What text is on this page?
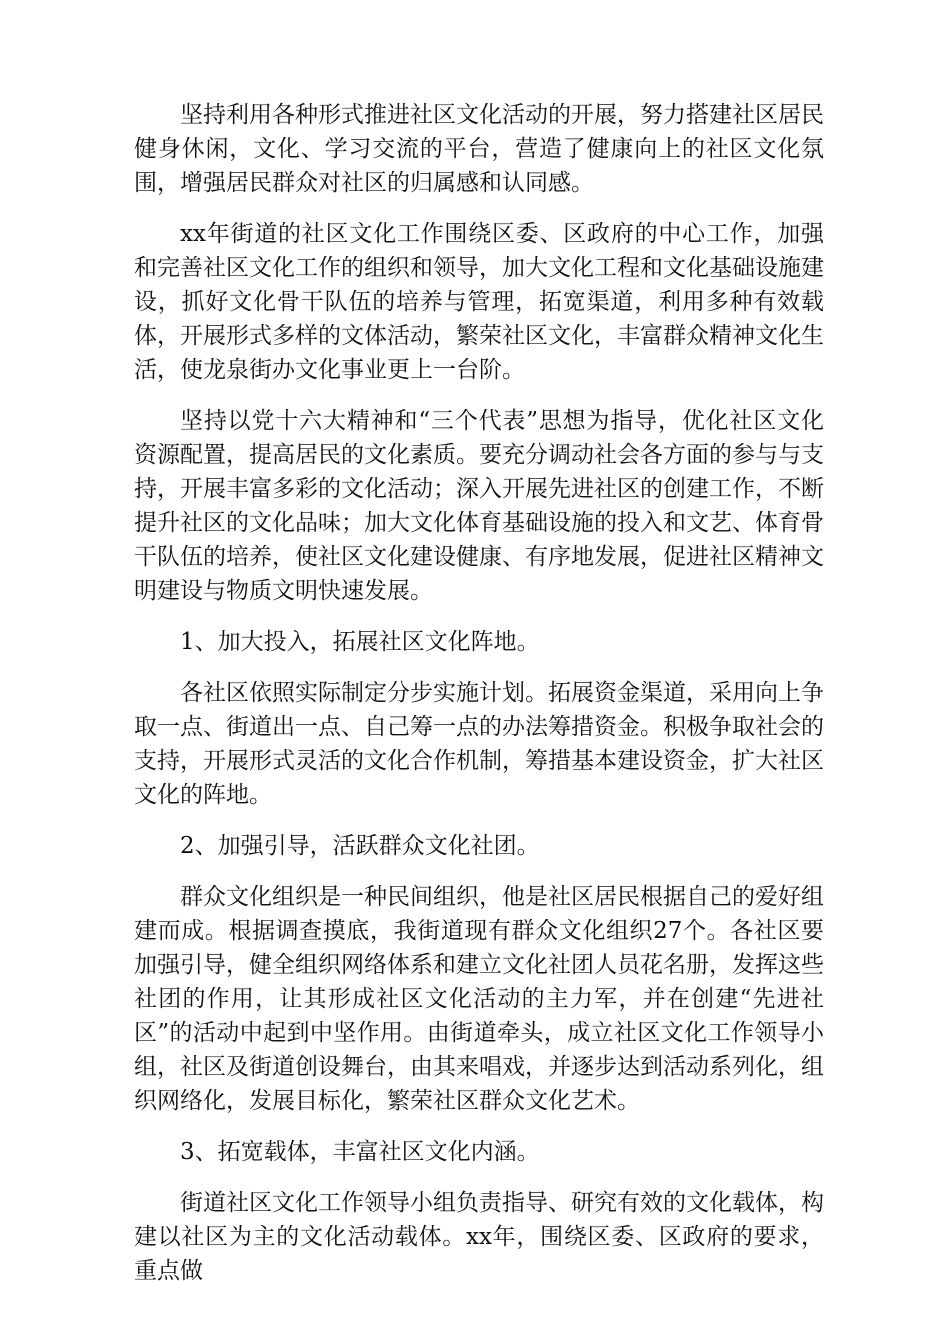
坚持利用各种形式推进社区文化活动的开展，努力搭建社区居民健身休闲，文化、学习交流的平台，营造了健康向上的社区文化氛围，增强居民群众对社区的归属感和认同感。

xx年街道的社区文化工作围绕区委、区政府的中心工作，加强和完善社区文化工作的组织和领导，加大文化工程和文化基础设施建设，抓好文化骨干队伍的培养与管理，拓宽渠道，利用多种有效载体，开展形式多样的文体活动，繁荣社区文化，丰富群众精神文化生活，使龙泉街办文化事业更上一台阶。

坚持以党十六大精神和“三个代表”思想为指导，优化社区文化资源配置，提高居民的文化素质。要充分调动社会各方面的参与与支持，开展丰富多彩的文化活动；深入开展先进社区的创建工作，不断提升社区的文化品味；加大文化体育基础设施的投入和文艺、体育骨干队伍的培养，使社区文化建设健康、有序地发展，促进社区精神文明建设与物质文明快速发展。

1、加大投入，拓展社区文化阵地。

各社区依照实际制定分步实施计划。拓展资金渠道，采用向上争取一点、街道出一点、自己筹一点的办法筹措资金。积极争取社会的支持，开展形式灵活的文化合作机制，筹措基本建设资金，扩大社区文化的阵地。

2、加强引导，活跃群众文化社团。

群众文化组织是一种民间组织，他是社区居民根据自己的爱好组建而成。根据调查摸底，我街道现有群众文化组织27个。各社区要加强引导，健全组织网络体系和建立文化社团人员花名册，发挥这些社团的作用，让其形成社区文化活动的主力军，并在创建“先进社区”的活动中起到中坚作用。由街道牵头，成立社区文化工作领导小组，社区及街道创设舞台，由其来唱戏，并逐步达到活动系列化，组织网络化，发展目标化，繁荣社区群众文化艺术。

3、拓宽载体，丰富社区文化内涵。

街道社区文化工作领导小组负责指导、研究有效的文化载体，构建以社区为主的文化活动载体。xx年，围绕区委、区政府的要求，重点做
